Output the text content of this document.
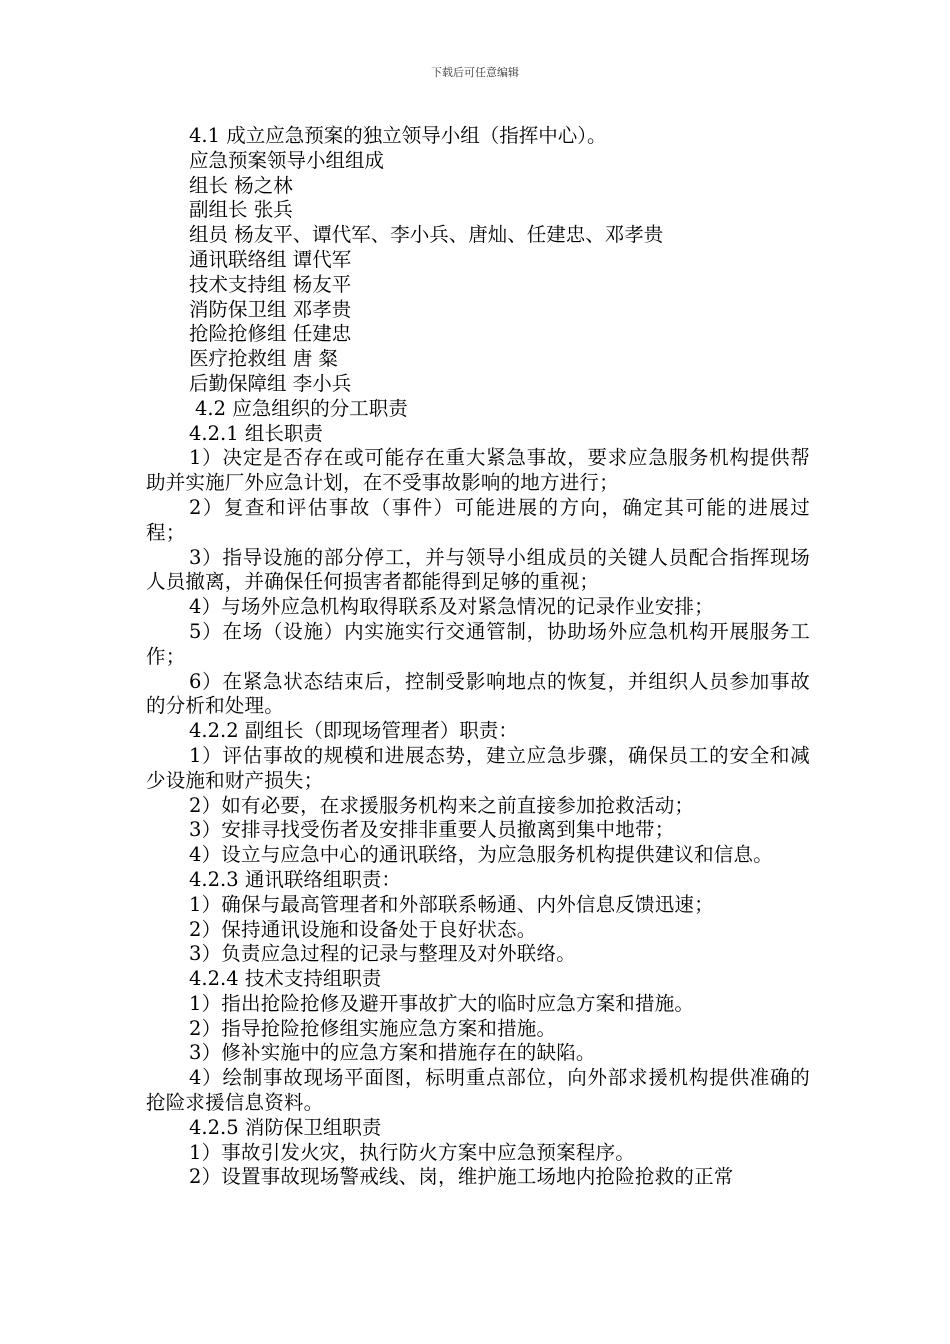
下载后可任意编辑

4.1 成立应急预案的独立领导小组（指挥中心）。

应急预案领导小组组成

组长 杨之林

副组长 张兵

组员 杨友平、谭代军、李小兵、唐灿、任建忠、邓孝贵

通讯联络组 谭代军

技术支持组 杨友平

消防保卫组 邓孝贵

抢险抢修组 任建忠

医疗抢救组 唐 粲

后勤保障组 李小兵

4.2 应急组织的分工职责

4.2.1 组长职责

1）决定是否存在或可能存在重大紧急事故，要求应急服务机构提供帮助并实施厂外应急计划，在不受事故影响的地方进行；

2）复查和评估事故（事件）可能进展的方向，确定其可能的进展过程；

3）指导设施的部分停工，并与领导小组成员的关键人员配合指挥现场人员撤离，并确保任何损害者都能得到足够的重视；

4）与场外应急机构取得联系及对紧急情况的记录作业安排；

5）在场（设施）内实施实行交通管制，协助场外应急机构开展服务工作；

6）在紧急状态结束后，控制受影响地点的恢复，并组织人员参加事故的分析和处理。

4.2.2 副组长（即现场管理者）职责：

1）评估事故的规模和进展态势，建立应急步骤，确保员工的安全和减少设施和财产损失；

2）如有必要，在求援服务机构来之前直接参加抢救活动；

3）安排寻找受伤者及安排非重要人员撤离到集中地带；

4）设立与应急中心的通讯联络，为应急服务机构提供建议和信息。

4.2.3 通讯联络组职责：

1）确保与最高管理者和外部联系畅通、内外信息反馈迅速；

2）保持通讯设施和设备处于良好状态。

3）负责应急过程的记录与整理及对外联络。

4.2.4 技术支持组职责

1）指出抢险抢修及避开事故扩大的临时应急方案和措施。

2）指导抢险抢修组实施应急方案和措施。

3）修补实施中的应急方案和措施存在的缺陷。

4）绘制事故现场平面图，标明重点部位，向外部求援机构提供准确的抢险求援信息资料。

4.2.5 消防保卫组职责

1）事故引发火灾，执行防火方案中应急预案程序。

2）设置事故现场警戒线、岗，维护施工场地内抢险抢救的正常
